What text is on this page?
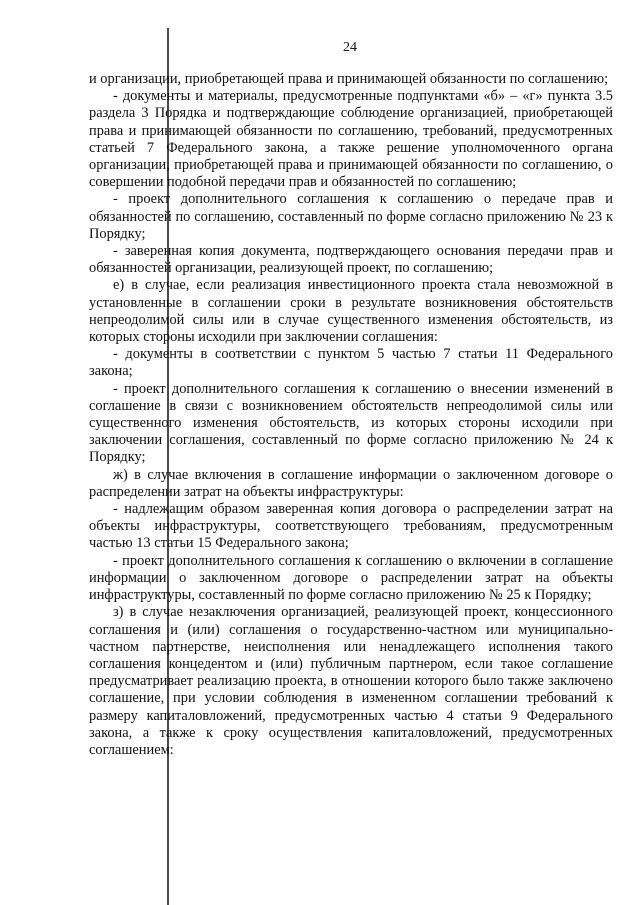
24

и организации, приобретающей права и принимающей обязанности по соглашению;

- документы и материалы, предусмотренные подпунктами «б» – «г» пункта 3.5 раздела 3 Порядка и подтверждающие соблюдение организацией, приобретающей права и принимающей обязанности по соглашению, требований, предусмотренных статьей 7 Федерального закона, а также решение уполномоченного органа организации, приобретающей права и принимающей обязанности по соглашению, о совершении подобной передачи прав и обязанностей по соглашению;

- проект дополнительного соглашения к соглашению о передаче прав и обязанностей по соглашению, составленный по форме согласно приложению № 23 к Порядку;

- заверенная копия документа, подтверждающего основания передачи прав и обязанностей организации, реализующей проект, по соглашению;

е) в случае, если реализация инвестиционного проекта стала невозможной в установленные в соглашении сроки в результате возникновения обстоятельств непреодолимой силы или в случае существенного изменения обстоятельств, из которых стороны исходили при заключении соглашения:

- документы в соответствии с пунктом 5 частью 7 статьи 11 Федерального закона;

- проект дополнительного соглашения к соглашению о внесении изменений в соглашение в связи с возникновением обстоятельств непреодолимой силы или существенного изменения обстоятельств, из которых стороны исходили при заключении соглашения, составленный по форме согласно приложению № 24 к Порядку;

ж) в случае включения в соглашение информации о заключенном договоре о распределении затрат на объекты инфраструктуры:

- надлежащим образом заверенная копия договора о распределении затрат на объекты инфраструктуры, соответствующего требованиям, предусмотренным частью 13 статьи 15 Федерального закона;

- проект дополнительного соглашения к соглашению о включении в соглашение информации о заключенном договоре о распределении затрат на объекты инфраструктуры, составленный по форме согласно приложению № 25 к Порядку;

з) в случае незаключения организацией, реализующей проект, концессионного соглашения и (или) соглашения о государственно-частном или муниципально-частном партнерстве, неисполнения или ненадлежащего исполнения такого соглашения концедентом и (или) публичным партнером, если такое соглашение предусматривает реализацию проекта, в отношении которого было также заключено соглашение, при условии соблюдения в измененном соглашении требований к размеру капиталовложений, предусмотренных частью 4 статьи 9 Федерального закона, а также к сроку осуществления капиталовложений, предусмотренных соглашением:
